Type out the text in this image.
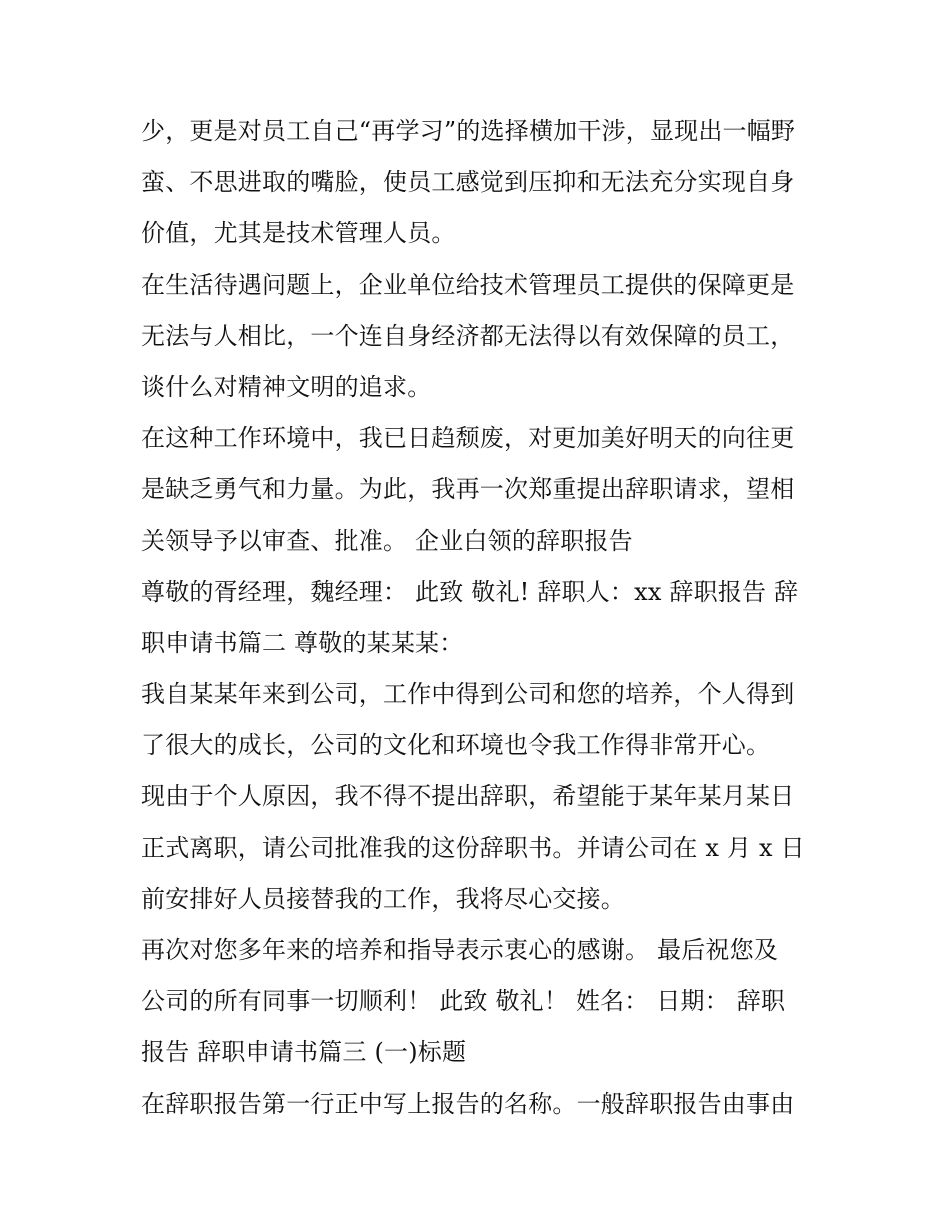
少，更是对员工自己“再学习”的选择横加干涉，显现出一幅野
蛮、不思进取的嘴脸，使员工感觉到压抑和无法充分实现自身
价值，尤其是技术管理人员。
在生活待遇问题上，企业单位给技术管理员工提供的保障更是
无法与人相比，一个连自身经济都无法得以有效保障的员工，
谈什么对精神文明的追求。
在这种工作环境中，我已日趋颓废，对更加美好明天的向往更
是缺乏勇气和力量。为此，我再一次郑重提出辞职请求，望相
关领导予以审查、批准。 企业白领的辞职报告
尊敬的胥经理，魏经理： 此致 敬礼! 辞职人：xx 辞职报告 辞
职申请书篇二 尊敬的某某某：
我自某某年来到公司，工作中得到公司和您的培养，个人得到
了很大的成长，公司的文化和环境也令我工作得非常开心。
现由于个人原因，我不得不提出辞职，希望能于某年某月某日
正式离职，请公司批准我的这份辞职书。并请公司在 x 月 x 日
前安排好人员接替我的工作，我将尽心交接。
再次对您多年来的培养和指导表示衷心的感谢。 最后祝您及
公司的所有同事一切顺利！ 此致 敬礼！ 姓名： 日期： 辞职
报告 辞职申请书篇三 (一)标题
在辞职报告第一行正中写上报告的名称。一般辞职报告由事由
